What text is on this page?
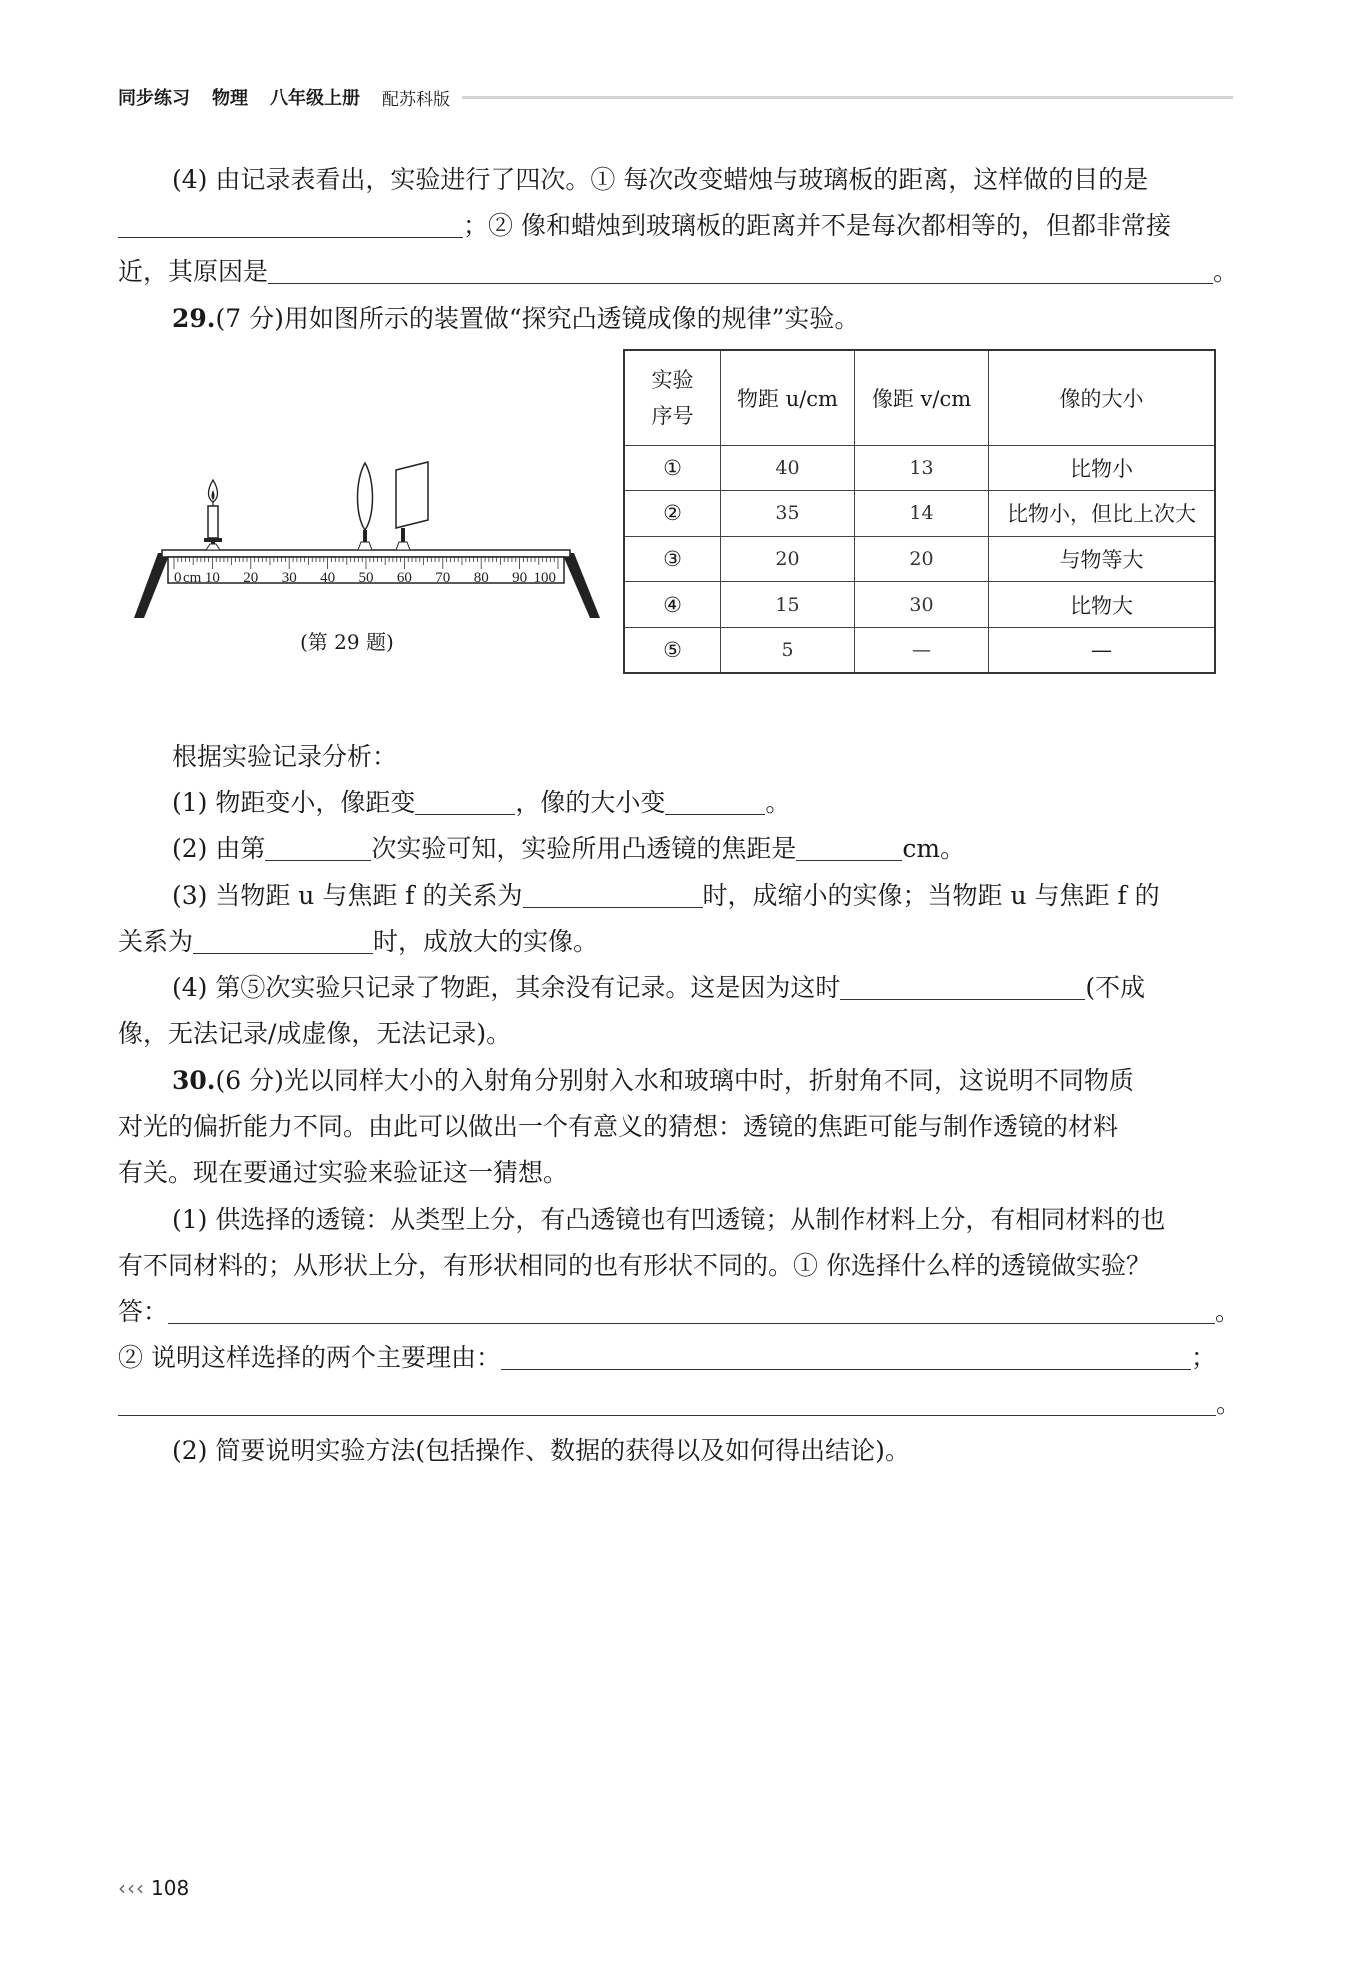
同步练习 物理 八年级上册 配苏科版
(4) 由记录表看出，实验进行了四次。① 每次改变蜡烛与玻璃板的距离，这样做的目的是
；② 像和蜡烛到玻璃板的距离并不是每次都相等的，但都非常接
近，其原因是	。
29.(7 分)用如图所示的装置做“探究凸透镜成像的规律”实验。
0 10 20 30 40 50 60 70 80 90 100
cm
(第 29 题)
实验
序号	物距 u/cm	像距 v/cm	像的大小
①	40	13	比物小
②	35	14	比物小，但比上次大
③	20	20	与物等大
④	15	30	比物大
⑤	5	—	—
根据实验记录分析：
(1) 物距变小，像距变	，像的大小变	。
(2) 由第	次实验可知，实验所用凸透镜的焦距是	cm。
(3) 当物距 u 与焦距 f 的关系为	时，成缩小的实像；当物距 u 与焦距 f 的
关系为	时，成放大的实像。
(4) 第⑤次实验只记录了物距，其余没有记录。这是因为这时	(不成
像，无法记录/成虚像，无法记录)。
30.(6 分)光以同样大小的入射角分别射入水和玻璃中时，折射角不同，这说明不同物质
对光的偏折能力不同。由此可以做出一个有意义的猜想：透镜的焦距可能与制作透镜的材料
有关。现在要通过实验来验证这一猜想。
(1) 供选择的透镜：从类型上分，有凸透镜也有凹透镜；从制作材料上分，有相同材料的也
有不同材料的；从形状上分，有形状相同的也有形状不同的。① 你选择什么样的透镜做实验？
答：	。
② 说明这样选择的两个主要理由：	；
。
(2) 简要说明实验方法(包括操作、数据的获得以及如何得出结论)。
‹‹‹ 108
